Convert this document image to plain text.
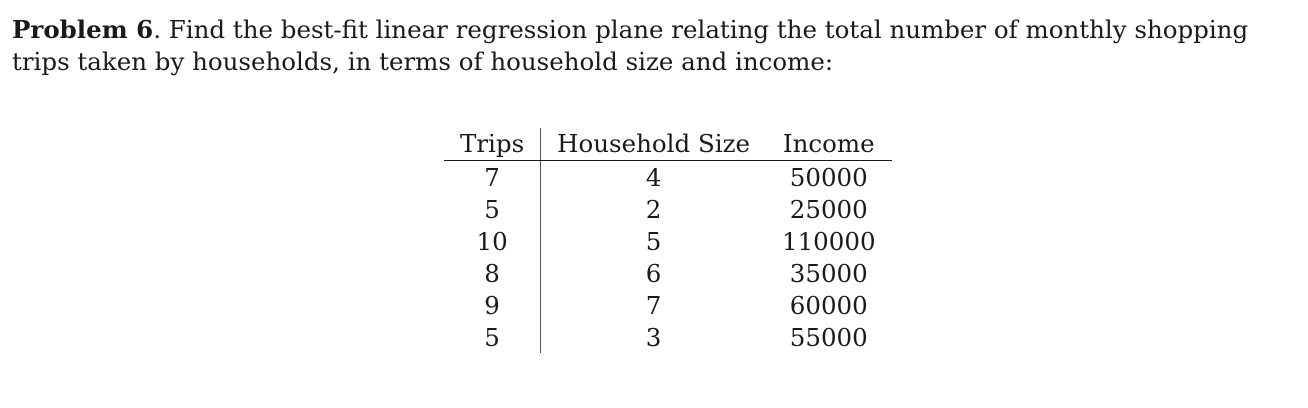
Problem 6. Find the best-fit linear regression plane relating the total number of monthly shopping trips taken by households, in terms of household size and income:
Trips	Household Size	Income
7	4	50000
5	2	25000
10	5	110000
8	6	35000
9	7	60000
5	3	55000
